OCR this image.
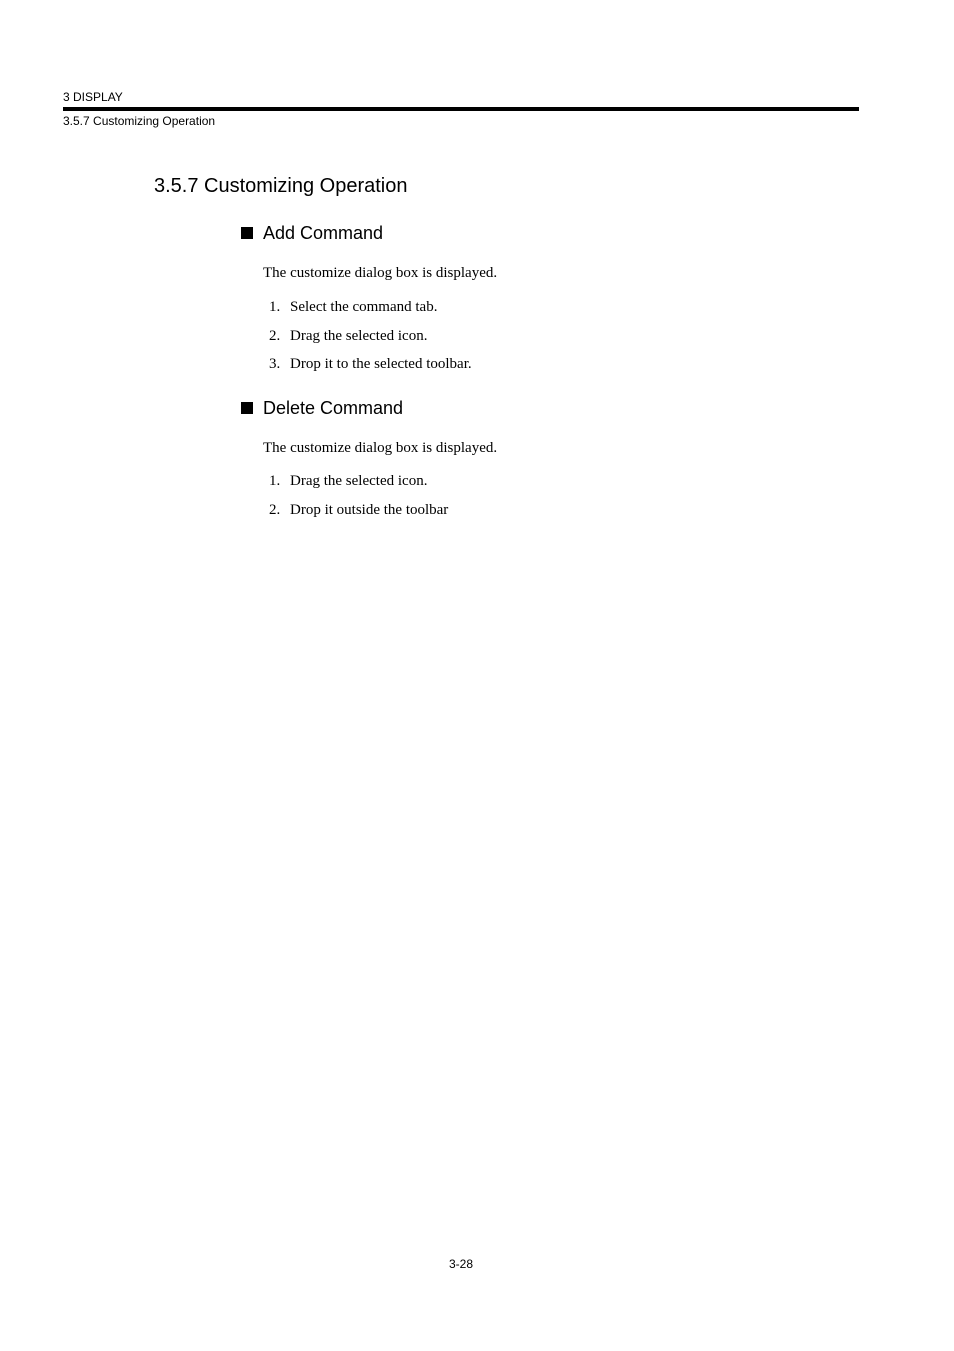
3 DISPLAY
3.5.7 Customizing Operation
3.5.7 Customizing Operation
Add Command
The customize dialog box is displayed.
1. Select the command tab.
2. Drag the selected icon.
3. Drop it to the selected toolbar.
Delete Command
The customize dialog box is displayed.
1. Drag the selected icon.
2. Drop it outside the toolbar
3-28
